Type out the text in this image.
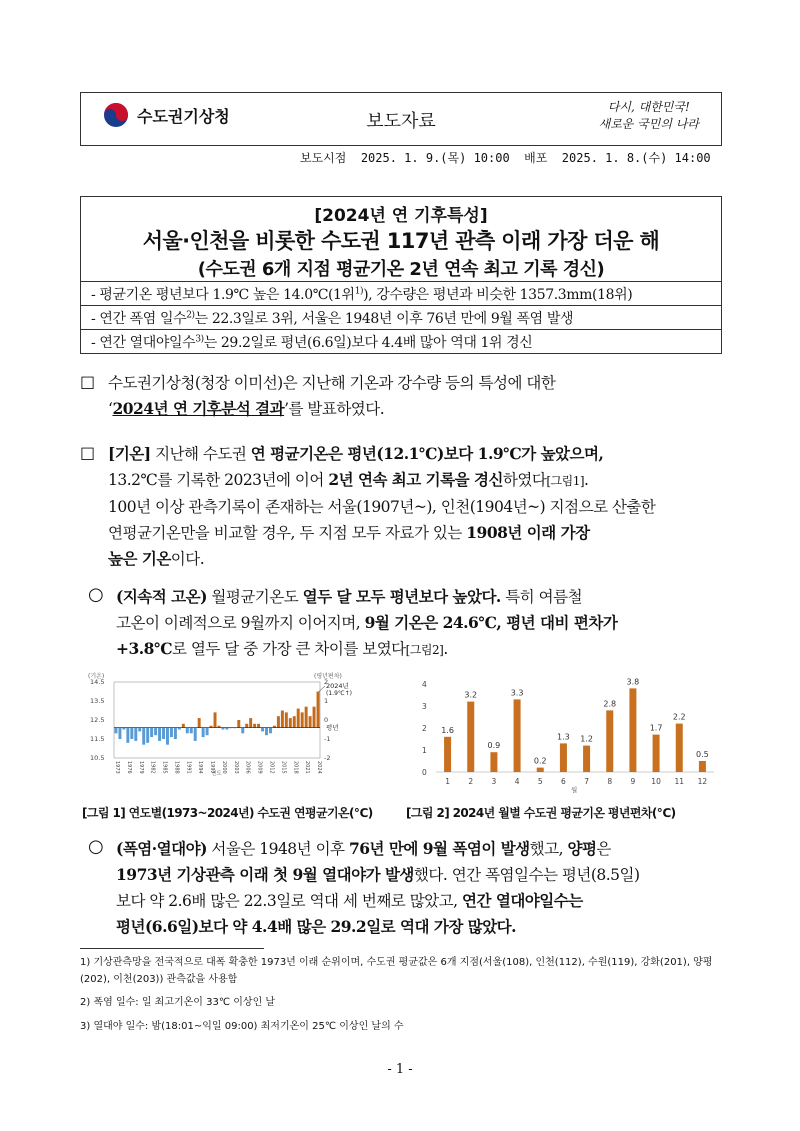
수도권기상청	보도자료
다시, 대한민국!
새로운 국민의 나라
보도시점 2025. 1. 9.(목) 10:00 배포 2025. 1. 8.(수) 14:00
[2024년 연 기후특성]
서울·인천을 비롯한 수도권 117년 관측 이래 가장 더운 해
(수도권 6개 지점 평균기온 2년 연속 최고 기록 경신)
- 평균기온 평년보다 1.9℃ 높은 14.0℃(1위$^{1)}$), 강수량은 평년과 비슷한 1357.3mm(18위)
- 연간 폭염 일수$^{2)}$는 22.3일로 3위, 서울은 1948년 이후 76년 만에 9월 폭염 발생
- 연간 열대야일수$^{3)}$는 29.2일로 평년(6.6일)보다 4.4배 많아 역대 1위 경신
□ 수도권기상청(청장 이미선)은 지난해 기온과 강수량 등의 특성에 대한
‘2024년 연 기후분석 결과’를 발표하였다.
□ [기온] 지난해 수도권 연 평균기온은 평년(12.1℃)보다 1.9℃가 높았으며,
13.2℃를 기록한 2023년에 이어 2년 연속 최고 기록을 경신하였다[그림1].
100년 이상 관측기록이 존재하는 서울(1907년~), 인천(1904년~) 지점으로 산출한
연평균기온만을 비교할 경우, 두 지점 모두 자료가 있는 1908년 이래 가장
높은 기온이다.
○ (지속적 고온) 월평균기온도 열두 달 모두 평년보다 높았다. 특히 여름철
고온이 이례적으로 9월까지 이어지며, 9월 기온은 24.6℃, 평년 대비 편차가
+3.8℃로 열두 달 중 가장 큰 차이를 보였다[그림2].
(기온)	(평년편차)
14.5
13.5
12.5
11.5
10.5
2
1
0
-1
-2
2024년
(1.9℃↑)
평년
1973 1976 1979 1982 1985 1988 1991 1994 1997 2000 2003 2006 2009 2012 2015 2018 2021 2024
연도
4
3
2
1
0
1.6
1
3.2
2
0.9
3
3.3
4
0.2
5
1.3
6
1.2
7
2.8
8
3.8
9
1.7
10
2.2
11
0.5
12
월
[그림 1] 연도별(1973~2024년) 수도권 연평균기온(℃)	[그림 2] 2024년 월별 수도권 평균기온 평년편차(℃)
○ (폭염·열대야) 서울은 1948년 이후 76년 만에 9월 폭염이 발생했고, 양평은
1973년 기상관측 이래 첫 9월 열대야가 발생했다. 연간 폭염일수는 평년(8.5일)
보다 약 2.6배 많은 22.3일로 역대 세 번째로 많았고, 연간 열대야일수는
평년(6.6일)보다 약 4.4배 많은 29.2일로 역대 가장 많았다.
1) 기상관측망을 전국적으로 대폭 확충한 1973년 이래 순위이며, 수도권 평균값은 6개 지점(서울(108), 인천(112), 수원(119), 강화(201), 양평(202), 이천(203)) 관측값을 사용함
2) 폭염 일수: 일 최고기온이 33℃ 이상인 날
3) 열대야 일수: 밤(18:01~익일 09:00) 최저기온이 25℃ 이상인 날의 수
- 1 -
